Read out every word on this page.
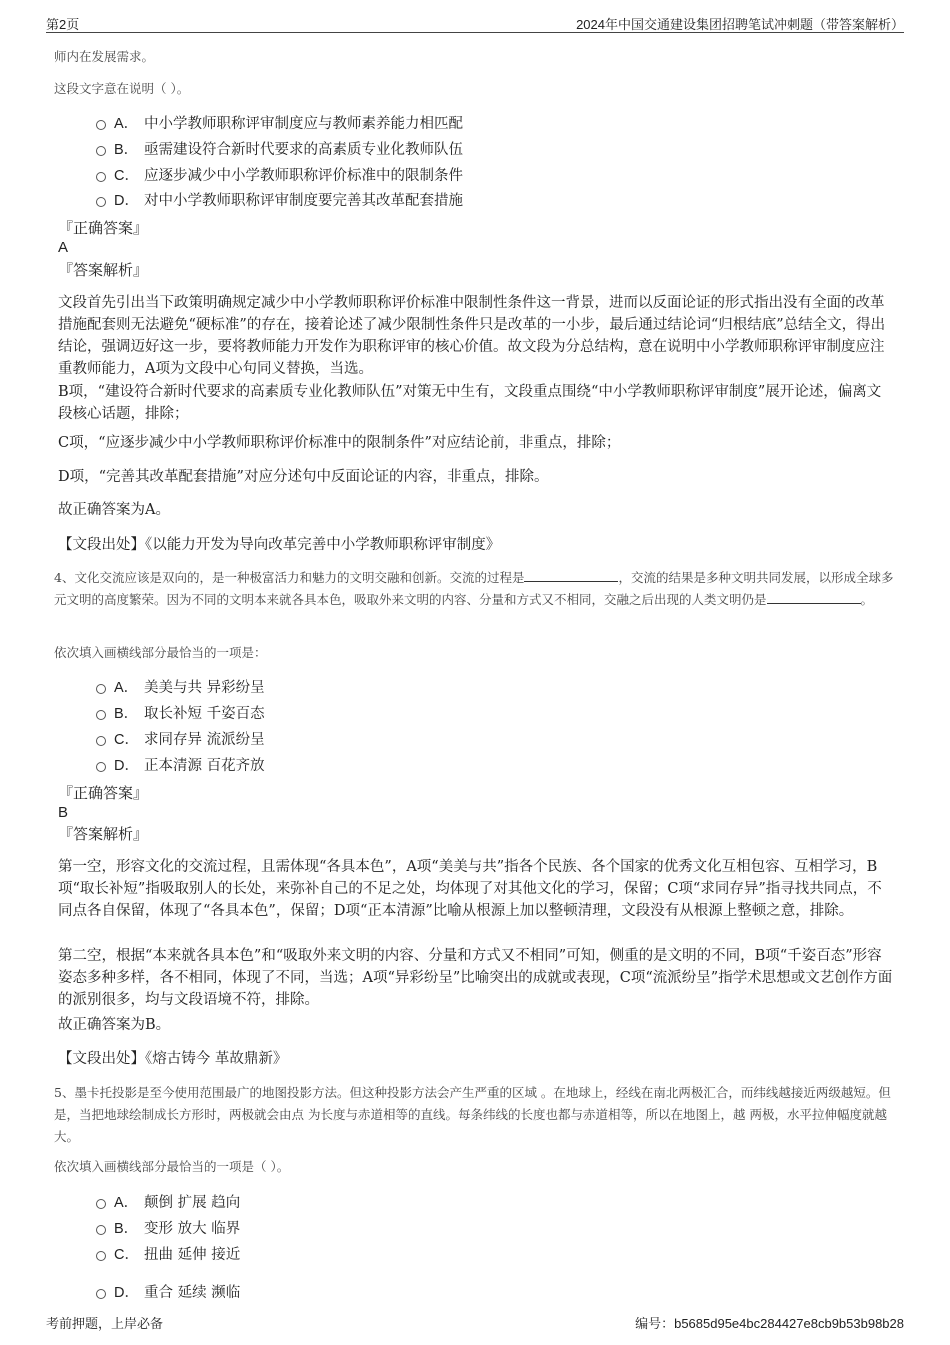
第2页	2024年中国交通建设集团招聘笔试冲刺题（带答案解析）

师内在发展需求。

这段文字意在说明（ ）。

A． 中小学教师职称评审制度应与教师素养能力相匹配
B． 亟需建设符合新时代要求的高素质专业化教师队伍
C． 应逐步减少中小学教师职称评价标准中的限制条件
D． 对中小学教师职称评审制度要完善其改革配套措施
『正确答案』
A
『答案解析』

文段首先引出当下政策明确规定减少中小学教师职称评价标准中限制性条件这一背景，进而以反面论证的形式指出没有全面的改革措施配套则无法避免“硬标准”的存在，接着论述了减少限制性条件只是改革的一小步，最后通过结论词“归根结底”总结全文，得出结论，强调迈好这一步，要将教师能力开发作为职称评审的核心价值。故文段为分总结构，意在说明中小学教师职称评审制度应注重教师能力，A项为文段中心句同义替换，当选。

B项，“建设符合新时代要求的高素质专业化教师队伍”对策无中生有，文段重点围绕“中小学教师职称评审制度”展开论述，偏离文段核心话题，排除；

C项，“应逐步减少中小学教师职称评价标准中的限制条件”对应结论前，非重点，排除；

D项，“完善其改革配套措施”对应分述句中反面论证的内容，非重点，排除。

故正确答案为A。

【文段出处】《以能力开发为导向改革完善中小学教师职称评审制度》

4、文化交流应该是双向的，是一种极富活力和魅力的文明交融和创新。交流的过程是	，交流的结果是多种文明共同发展，以形成全球多元文明的高度繁荣。因为不同的文明本来就各具本色，吸取外来文明的内容、分量和方式又不相同，交融之后出现的人类文明仍是	。

依次填入画横线部分最恰当的一项是：

A． 美美与共 异彩纷呈
B． 取长补短 千姿百态
C． 求同存异 流派纷呈
D． 正本清源 百花齐放
『正确答案』
B
『答案解析』

第一空，形容文化的交流过程，且需体现“各具本色”，A项“美美与共”指各个民族、各个国家的优秀文化互相包容、互相学习，B项“取长补短”指吸取别人的长处，来弥补自己的不足之处，均体现了对其他文化的学习，保留；C项“求同存异”指寻找共同点，不同点各自保留，体现了“各具本色”，保留；D项“正本清源”比喻从根源上加以整顿清理，文段没有从根源上整顿之意，排除。

第二空，根据“本来就各具本色”和“吸取外来文明的内容、分量和方式又不相同”可知，侧重的是文明的不同，B项“千姿百态”形容姿态多种多样，各不相同，体现了不同，当选；A项“异彩纷呈”比喻突出的成就或表现，C项“流派纷呈”指学术思想或文艺创作方面的派别很多，均与文段语境不符，排除。

故正确答案为B。

【文段出处】《熔古铸今 革故鼎新》

5、墨卡托投影是至今使用范围最广的地图投影方法。但这种投影方法会产生严重的区域 。在地球上，经线在南北两极汇合，而纬线越接近两级越短。但是，当把地球绘制成长方形时，两极就会由点 为长度与赤道相等的直线。每条纬线的长度也都与赤道相等，所以在地图上，越 两极，水平拉伸幅度就越大。

依次填入画横线部分最恰当的一项是（ ）。

A． 颠倒 扩展 趋向
B． 变形 放大 临界
C． 扭曲 延伸 接近
D． 重合 延续 濒临
考前押题，上岸必备	编号：b5685d95e4bc284427e8cb9b53b98b28
